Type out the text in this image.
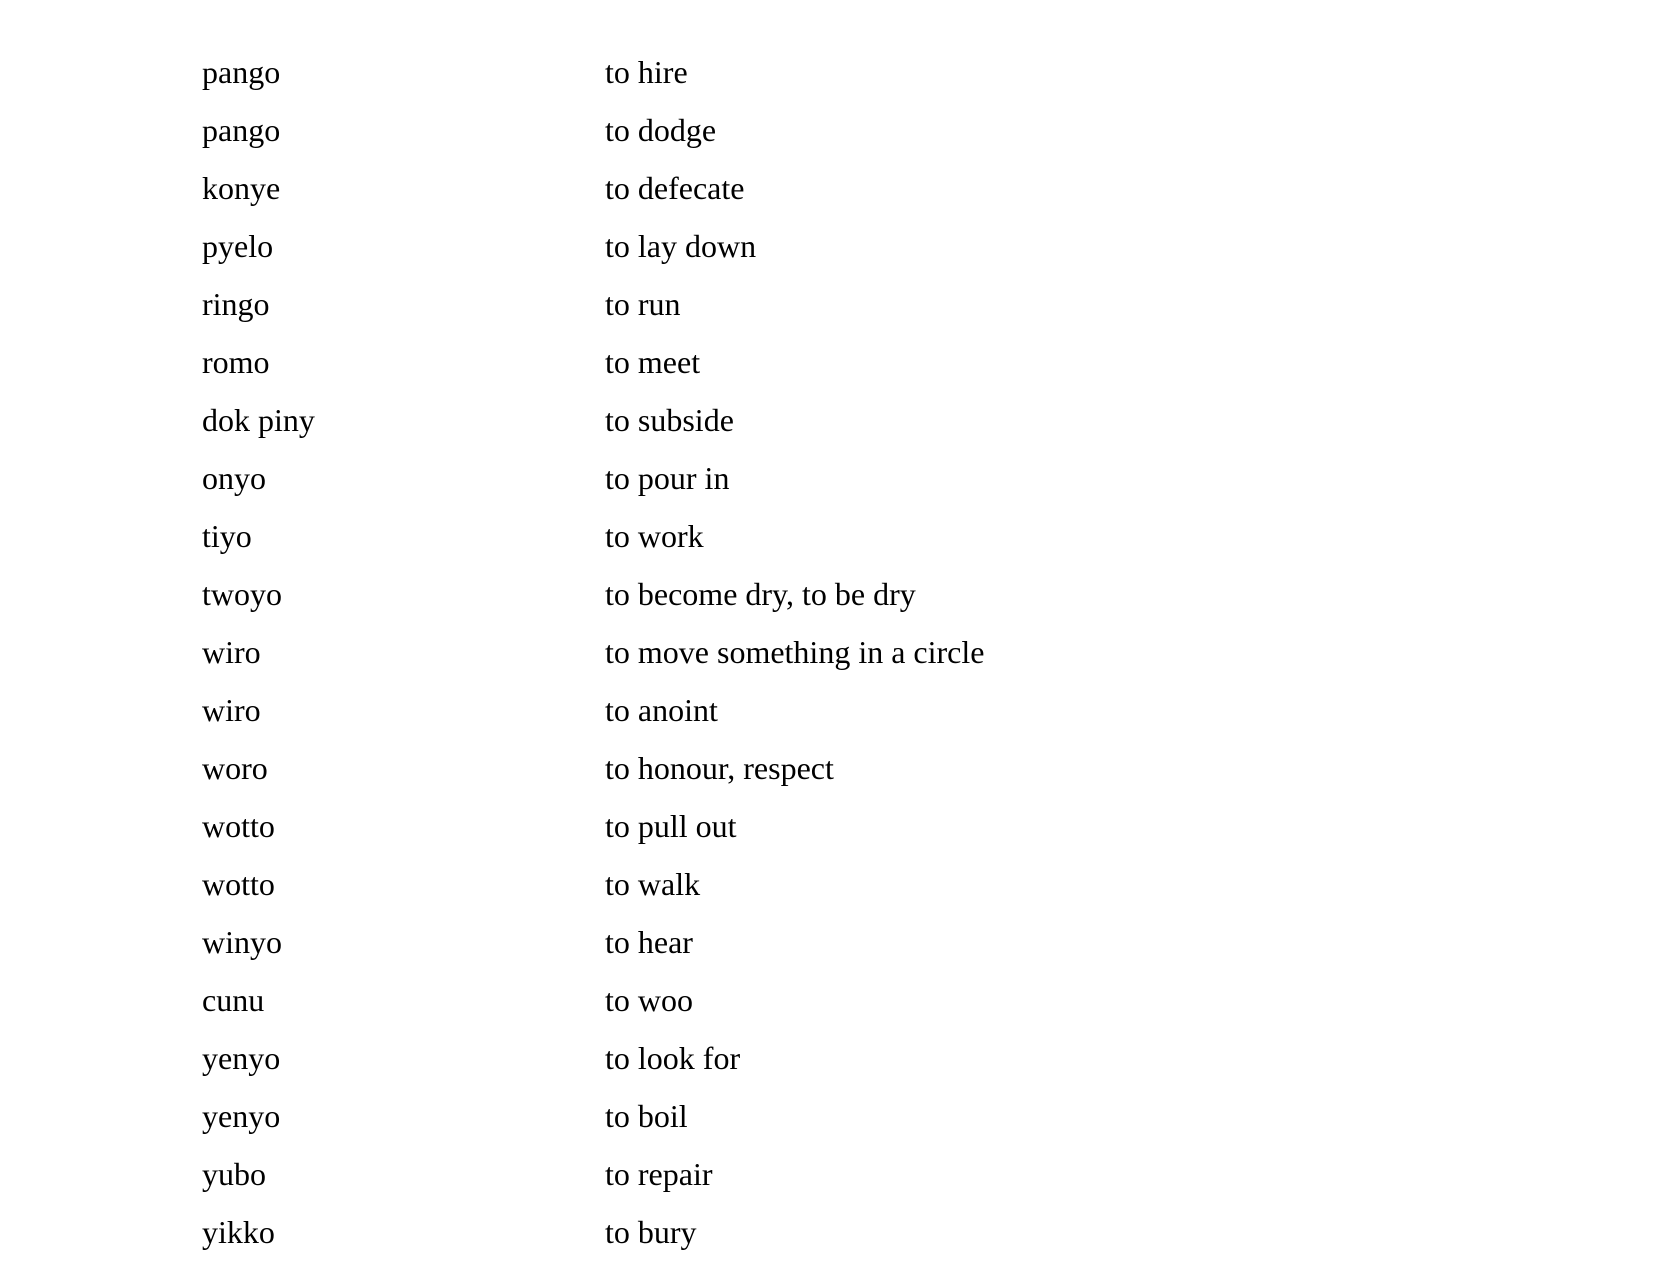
pango	to hire
pango	to dodge
konye	to defecate
pyelo	to lay down
ringo	to run
romo	to meet
dok piny	to subside
onyo	to pour in
tiyo	to work
twoyo	to become dry, to be dry
wiro	to move something in a circle
wiro	to anoint
woro	to honour, respect
wotto	to pull out
wotto	to walk
winyo	to hear
cunu	to woo
yenyo	to look for
yenyo	to boil
yubo	to repair
yikko	to bury
